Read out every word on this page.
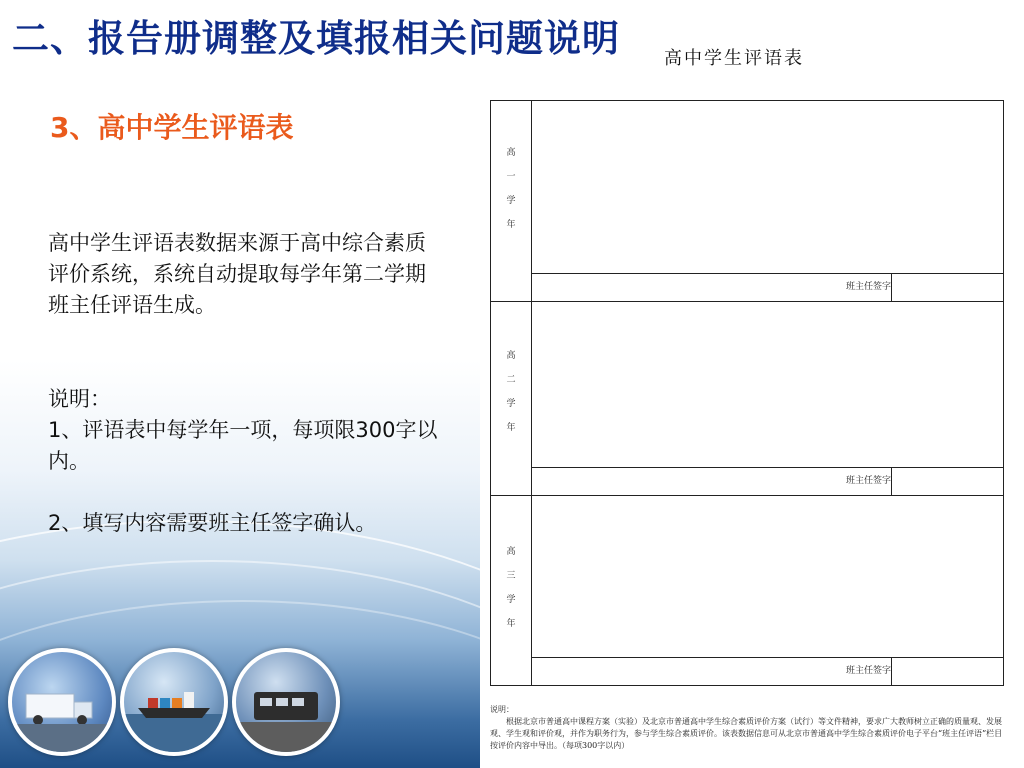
二、报告册调整及填报相关问题说明
3、高中学生评语表

高中学生评语表数据来源于高中综合素质评价系统，系统自动提取每学年第二学期班主任评语生成。

说明：
1、评语表中每学年一项，每项限300字以内。
2、填写内容需要班主任签字确认。
高中学生评语表
高
一
学
年
班主任签字
高
二
学
年
班主任签字
高
三
学
年
班主任签字
说明：
根据北京市普通高中课程方案（实验）及北京市普通高中学生综合素质评价方案（试行）等文件精神，要求广大教师树立正确的质量观、发展观、学生观和评价观，并作为职务行为，参与学生综合素质评价。该表数据信息可从北京市普通高中学生综合素质评价电子平台“班主任评语”栏目按评价内容中导出。（每项300字以内）
